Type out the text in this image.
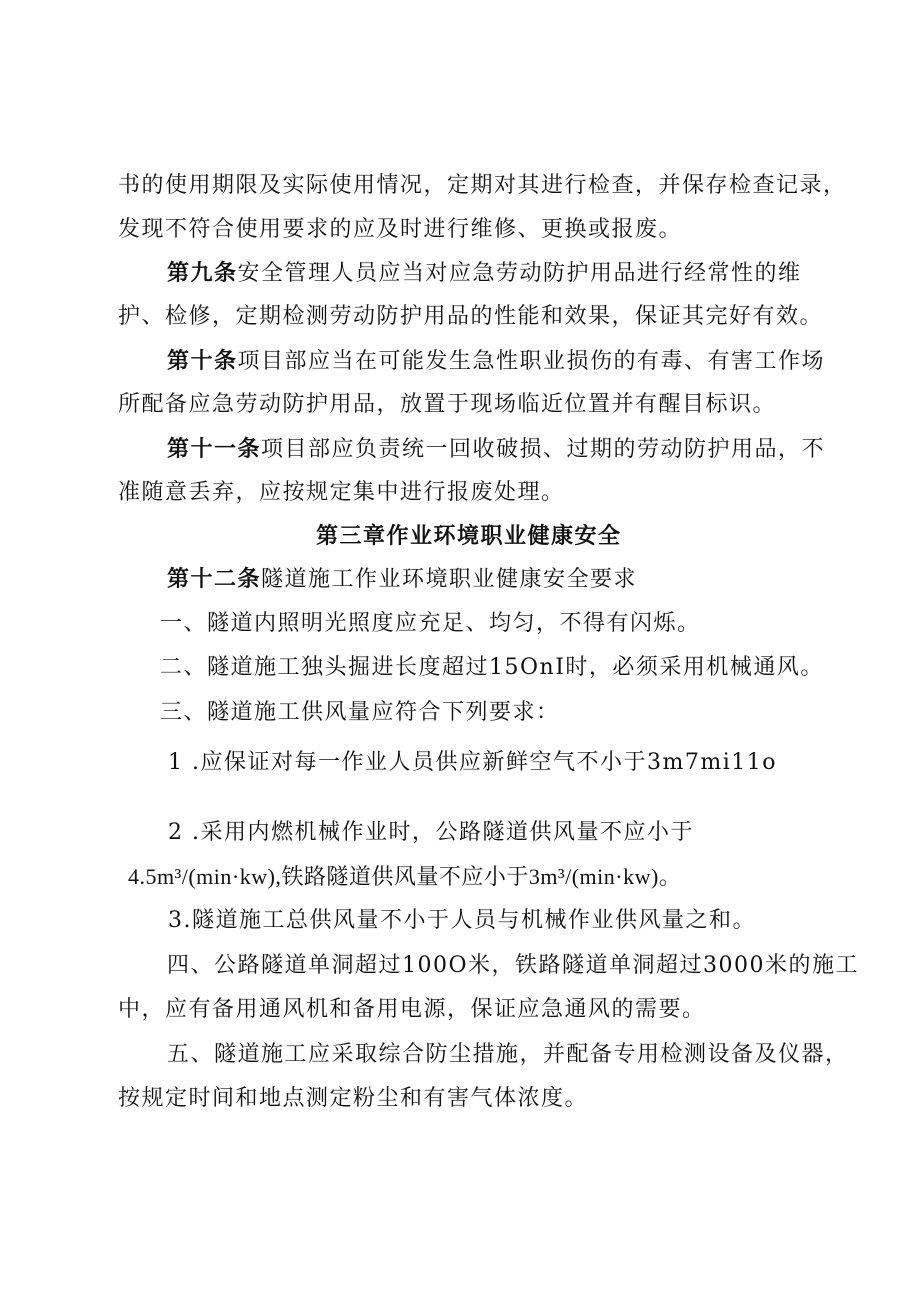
书的使用期限及实际使用情况，定期对其进行检查，并保存检查记录，
发现不符合使用要求的应及时进行维修、更换或报废。
第九条安全管理人员应当对应急劳动防护用品进行经常性的维
护、检修，定期检测劳动防护用品的性能和效果，保证其完好有效。
第十条项目部应当在可能发生急性职业损伤的有毒、有害工作场
所配备应急劳动防护用品，放置于现场临近位置并有醒目标识。
第十一条项目部应负责统一回收破损、过期的劳动防护用品，不
准随意丢弃，应按规定集中进行报废处理。
第三章作业环境职业健康安全
第十二条隧道施工作业环境职业健康安全要求
一、隧道内照明光照度应充足、均匀，不得有闪烁。
二、隧道施工独头掘进长度超过15OnI时，必须采用机械通风。
三、隧道施工供风量应符合下列要求：
1 .应保证对每一作业人员供应新鲜空气不小于3m7mi11o
2 .采用内燃机械作业时，公路隧道供风量不应小于
4.5m³/(min·kw),铁路隧道供风量不应小于3m³/(min·kw)。
3.隧道施工总供风量不小于人员与机械作业供风量之和。
四、公路隧道单洞超过100O米，铁路隧道单洞超过3000米的施工
中，应有备用通风机和备用电源，保证应急通风的需要。
五、隧道施工应采取综合防尘措施，并配备专用检测设备及仪器，
按规定时间和地点测定粉尘和有害气体浓度。
